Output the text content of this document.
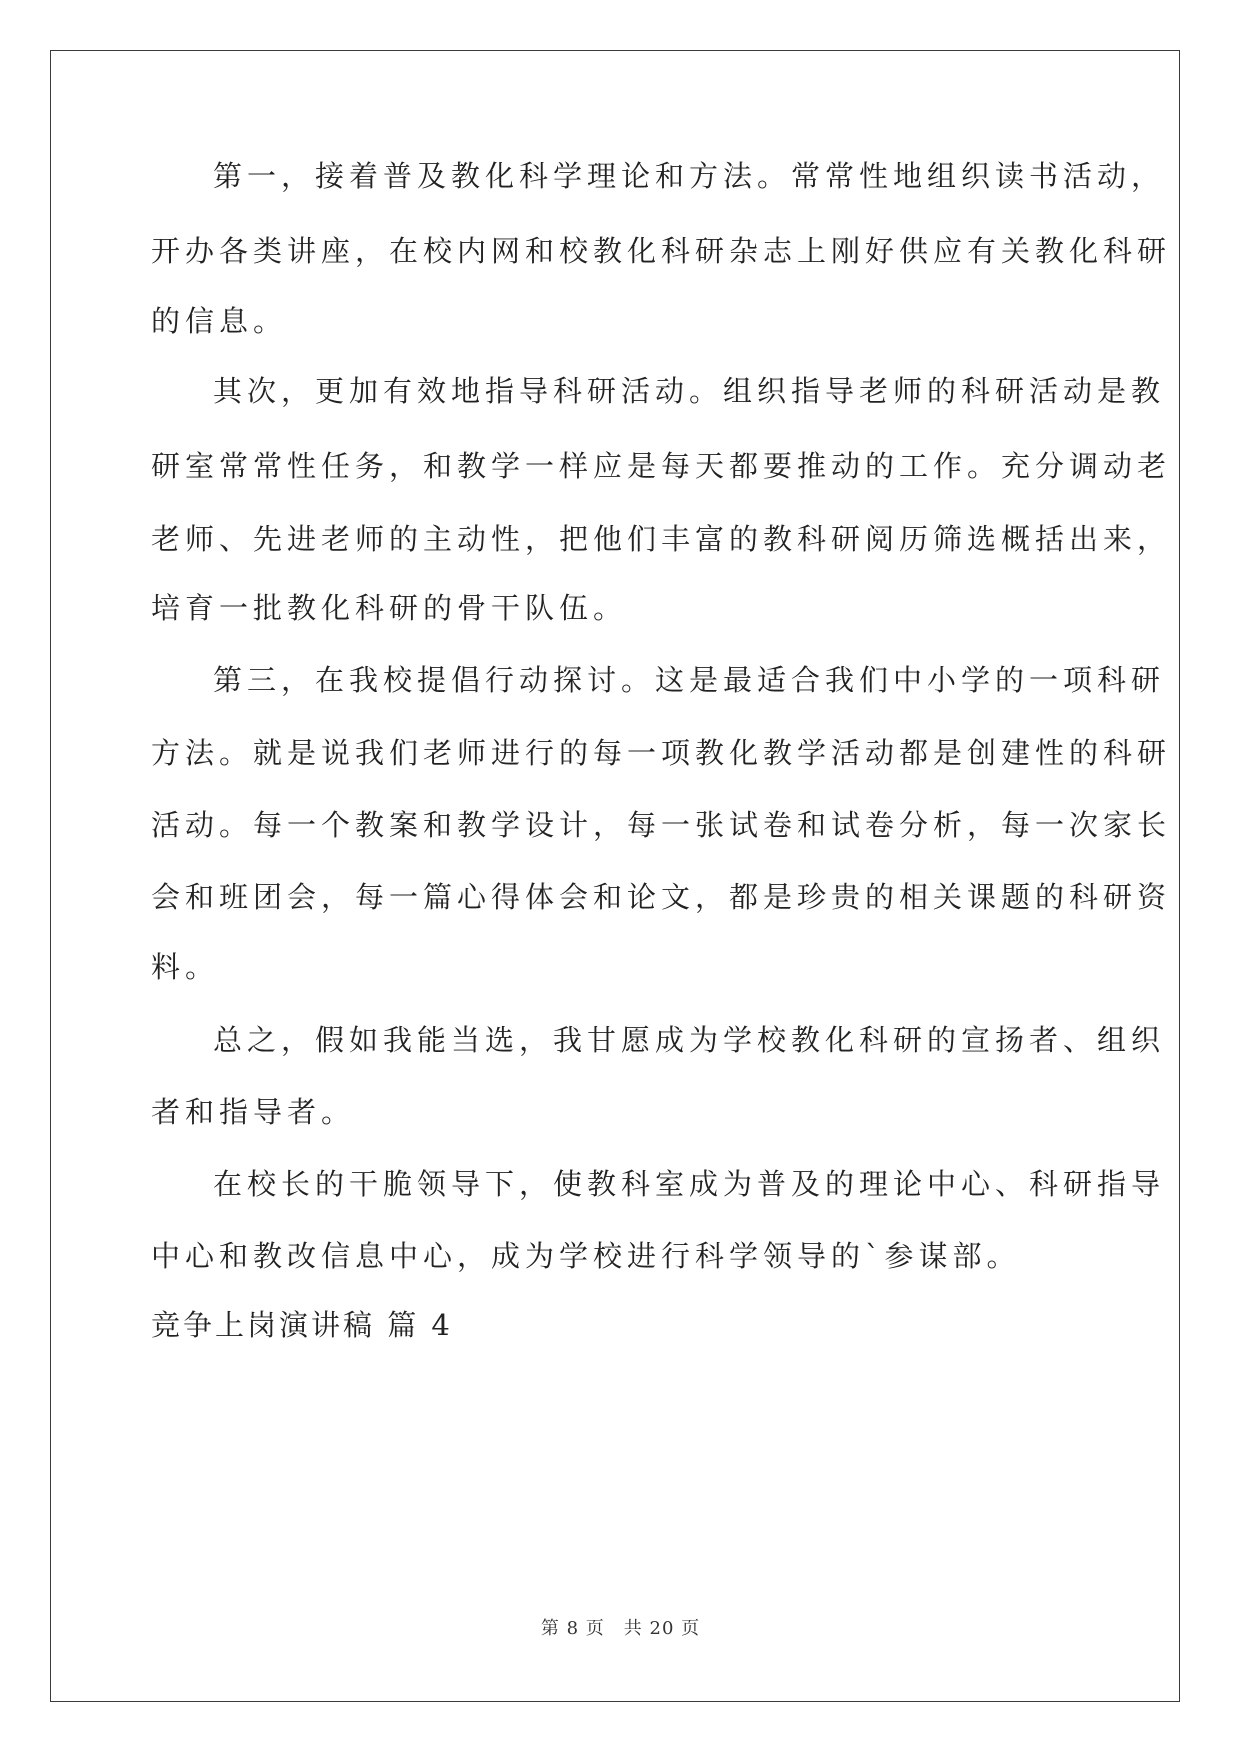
第一，接着普及教化科学理论和方法。常常性地组织读书活动，
开办各类讲座，在校内网和校教化科研杂志上刚好供应有关教化科研
的信息。
其次，更加有效地指导科研活动。组织指导老师的科研活动是教
研室常常性任务，和教学一样应是每天都要推动的工作。充分调动老
老师、先进老师的主动性，把他们丰富的教科研阅历筛选概括出来，
培育一批教化科研的骨干队伍。
第三，在我校提倡行动探讨。这是最适合我们中小学的一项科研
方法。就是说我们老师进行的每一项教化教学活动都是创建性的科研
活动。每一个教案和教学设计，每一张试卷和试卷分析，每一次家长
会和班团会，每一篇心得体会和论文，都是珍贵的相关课题的科研资
料。
总之，假如我能当选，我甘愿成为学校教化科研的宣扬者、组织
者和指导者。
在校长的干脆领导下，使教科室成为普及的理论中心、科研指导
中心和教改信息中心，成为学校进行科学领导的`参谋部。
竞争上岗演讲稿 篇 4
第 8 页　共 20 页
